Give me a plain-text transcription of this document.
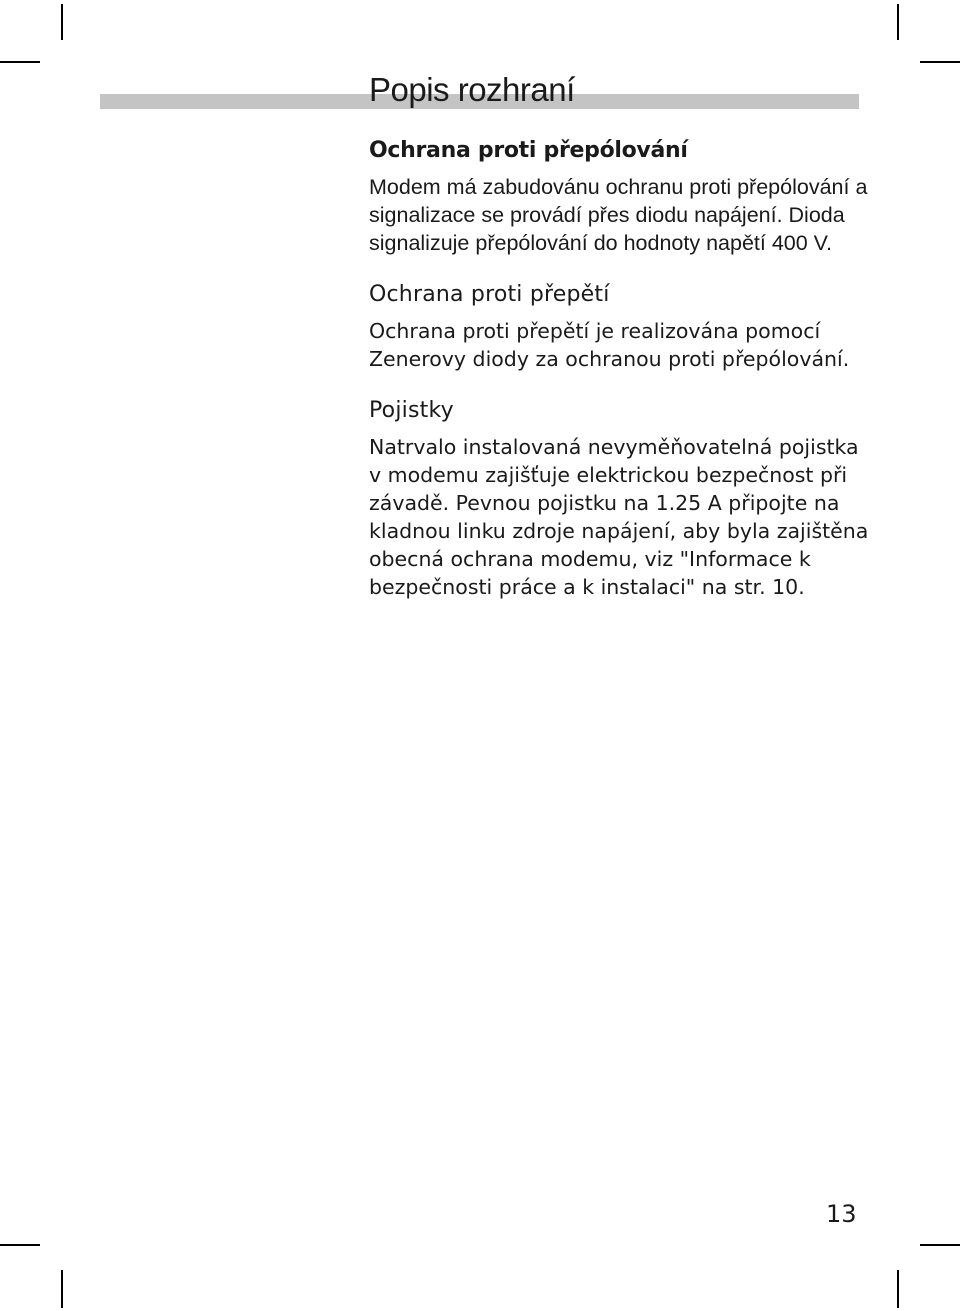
Popis rozhraní
Ochrana proti přepólování

Modem má zabudovánu ochranu proti přepólování a signalizace se provádí přes diodu napájení. Dioda signalizuje přepólování do hodnoty napětí 400 V.

Ochrana proti přepětí

Ochrana proti přepětí je realizována pomocí Zenerovy diody za ochranou proti přepólování.

Pojistky

Natrvalo instalovaná nevyměňovatelná pojistka v modemu zajišťuje elektrickou bezpečnost při závadě. Pevnou pojistku na 1.25 A připojte na kladnou linku zdroje napájení, aby byla zajištěna obecná ochrana modemu, viz "Informace k bezpečnosti práce a k instalaci" na str. 10.

13
